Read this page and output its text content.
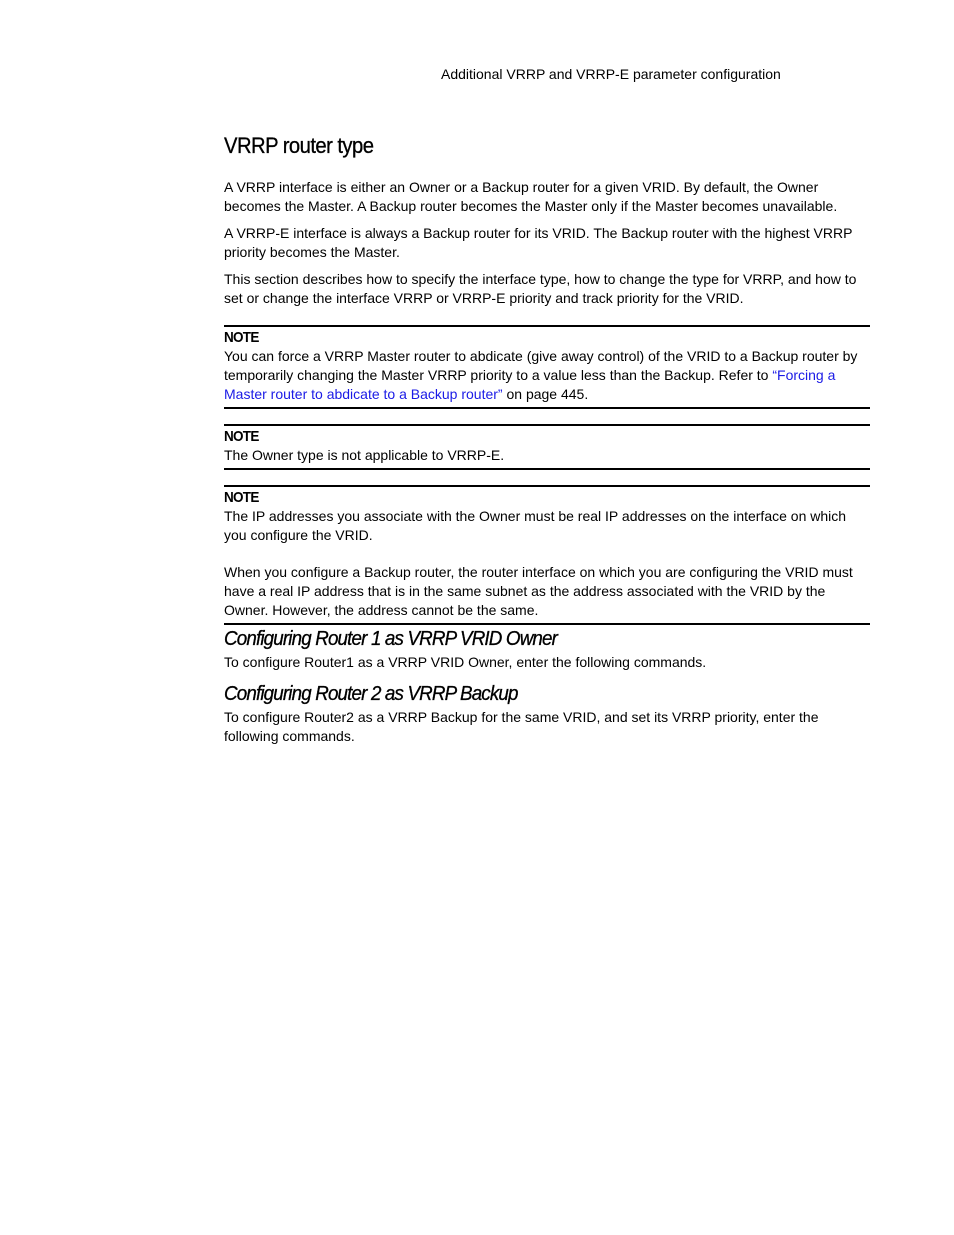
Additional VRRP and VRRP-E parameter configuration
VRRP router type

A VRRP interface is either an Owner or a Backup router for a given VRID. By default, the Owner becomes the Master. A Backup router becomes the Master only if the Master becomes unavailable.

A VRRP-E interface is always a Backup router for its VRID. The Backup router with the highest VRRP priority becomes the Master.

This section describes how to specify the interface type, how to change the type for VRRP, and how to set or change the interface VRRP or VRRP-E priority and track priority for the VRID.

NOTE

You can force a VRRP Master router to abdicate (give away control) of the VRID to a Backup router by temporarily changing the Master VRRP priority to a value less than the Backup. Refer to “Forcing a Master router to abdicate to a Backup router” on page 445.

NOTE

The Owner type is not applicable to VRRP-E.

NOTE

The IP addresses you associate with the Owner must be real IP addresses on the interface on which you configure the VRID.

When you configure a Backup router, the router interface on which you are configuring the VRID must have a real IP address that is in the same subnet as the address associated with the VRID by the Owner. However, the address cannot be the same.

Configuring Router 1 as VRRP VRID Owner

To configure Router1 as a VRRP VRID Owner, enter the following commands.

Configuring Router 2 as VRRP Backup

To configure Router2 as a VRRP Backup for the same VRID, and set its VRRP priority, enter the following commands.
